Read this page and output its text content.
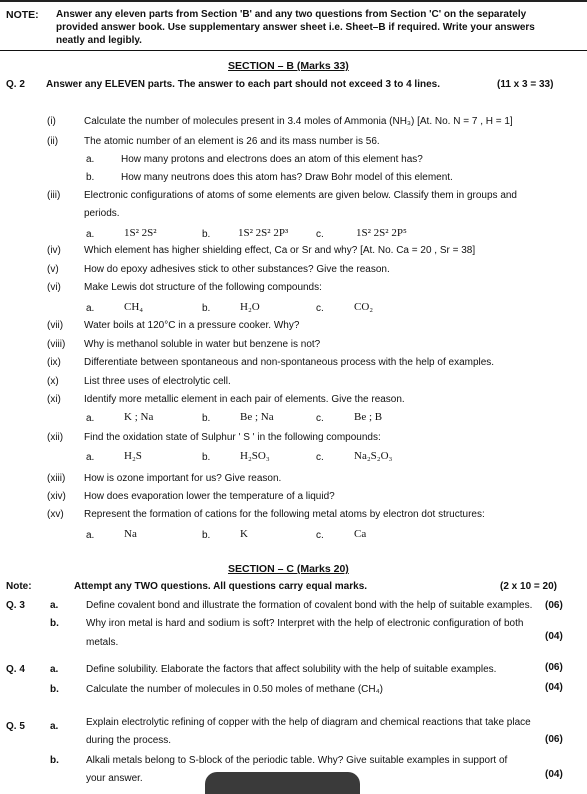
NOTE: Answer any eleven parts from Section 'B' and any two questions from Section 'C' on the separately
provided answer book. Use supplementary answer sheet i.e. Sheet–B if required. Write your answers
neatly and legibly.
SECTION – B (Marks 33)
Q. 2 Answer any ELEVEN parts. The answer to each part should not exceed 3 to 4 lines.	(11 x 3 = 33)
(i)	Calculate the number of molecules present in 3.4 moles of Ammonia (NH₃) [At. No. N = 7 , H = 1]
(ii)	The atomic number of an element is 26 and its mass number is 56.
a.	How many protons and electrons does an atom of this element has?
b.	How many neutrons does this atom has? Draw Bohr model of this element.
(iii) Electronic configurations of atoms of some elements are given below. Classify them in groups and
periods.
a.	1S² 2S²	b.	1S² 2S² 2P³	c.	1S² 2S² 2P⁵
(iv) Which element has higher shielding effect, Ca or Sr and why? [At. No. Ca = 20 , Sr = 38]
(v)	How do epoxy adhesives stick to other substances? Give the reason.
(vi) Make Lewis dot structure of the following compounds:
a.	CH₄	b.	H₂O	c.	CO₂
(vii) Water boils at 120°C in a pressure cooker. Why?
(viii) Why is methanol soluble in water but benzene is not?
(ix) Differentiate between spontaneous and non-spontaneous process with the help of examples.
(x)	List three uses of electrolytic cell.
(xi) Identify more metallic element in each pair of elements. Give the reason.
a.	K ; Na	b.	Be ; Na	c.	Be ; B
(xii) Find the oxidation state of Sulphur ' S ' in the following compounds:
a.	H₂S	b.	H₂SO₃	c.	Na₂S₂O₃
(xiii) How is ozone important for us? Give reason.
(xiv) How does evaporation lower the temperature of a liquid?
(xv) Represent the formation of cations for the following metal atoms by electron dot structures:
a.	Na	b.	K	c.	Ca
SECTION – C (Marks 20)
Note:	Attempt any TWO questions. All questions carry equal marks.	(2 x 10 = 20)
Q. 3	a.	Define covalent bond and illustrate the formation of covalent bond with the help of suitable examples. (06)
b.	Why iron metal is hard and sodium is soft? Interpret with the help of electronic configuration of both
metals.
(04)
Q. 4	a.	Define solubility. Elaborate the factors that affect solubility with the help of suitable examples.	(06)
b.	Calculate the number of molecules in 0.50 moles of methane (CH₄)	(04)
Q. 5	a.	Explain electrolytic refining of copper with the help of diagram and chemical reactions that take place
during the process.	(06)
b.	Alkali metals belong to S-block of the periodic table. Why? Give suitable examples in support of
your answer.	(04)
